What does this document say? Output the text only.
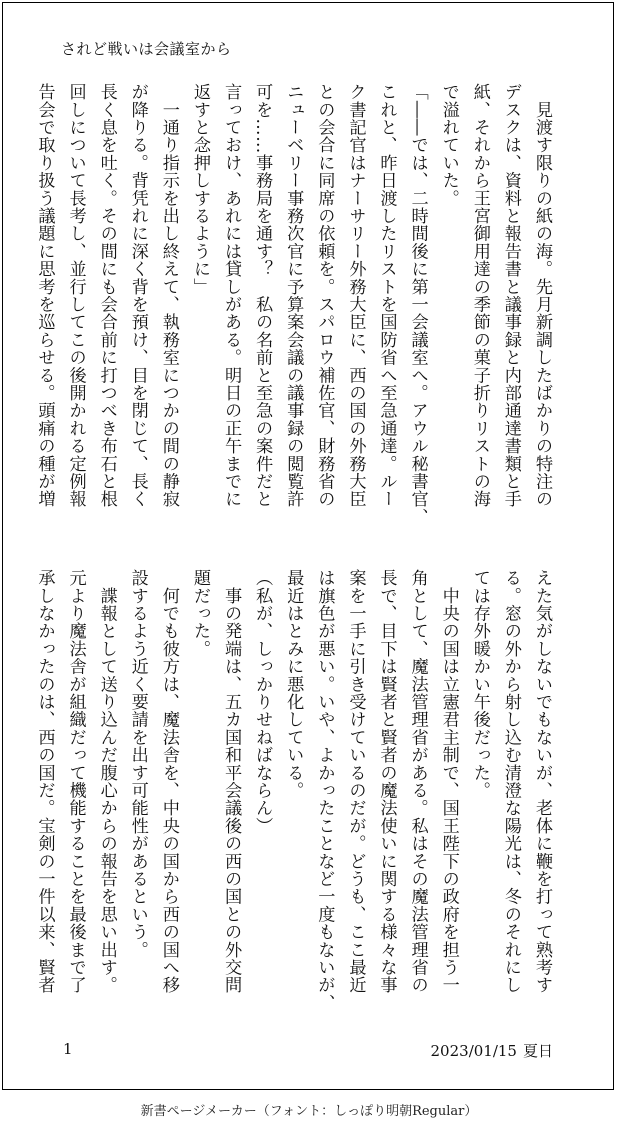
されど戦いは会議室から
　見渡す限りの紙の海。先月新調したばかりの特注の
デスクは、資料と報告書と議事録と内部通達書類と手
紙、それから王宮御用達の季節の菓子折りリストの海
で溢れていた。
「――では、二時間後に第一会議室へ。アウル秘書官、
これと、昨日渡したリストを国防省へ至急通達。ルー
ク書記官はナーサリー外務大臣に、西の国の外務大臣
との会合に同席の依頼を。スパロウ補佐官、財務省の
ニューベリー事務次官に予算案会議の議事録の閲覧許
可を……事務局を通す？　私の名前と至急の案件だと
言っておけ、あれには貸しがある。明日の正午までに
返すと念押しするように」
　一通り指示を出し終えて、執務室につかの間の静寂
が降りる。背凭れに深く背を預け、目を閉じて、長く
長く息を吐く。その間にも会合前に打つべき布石と根
回しについて長考し、並行してこの後開かれる定例報
告会で取り扱う議題に思考を巡らせる。頭痛の種が増
えた気がしないでもないが、老体に鞭を打って熟考す
る。窓の外から射し込む清澄な陽光は、冬のそれにし
ては存外暖かい午後だった。
　中央の国は立憲君主制で、国王陛下の政府を担う一
角として、魔法管理省がある。私はその魔法管理省の
長で、目下は賢者と賢者の魔法使いに関する様々な事
案を一手に引き受けているのだが。どうも、ここ最近
は旗色が悪い。いや、よかったことなど一度もないが、
最近はとみに悪化している。
（私が、しっかりせねばならん）
　事の発端は、五カ国和平会議後の西の国との外交問
題だった。
　何でも彼方は、魔法舎を、中央の国から西の国へ移
設するよう近く要請を出す可能性があるという。
　諜報として送り込んだ腹心からの報告を思い出す。
元より魔法舎が組織だって機能することを最後まで了
承しなかったのは、西の国だ。宝剣の一件以来、賢者
1	2023/01/15 夏日
新書ページメーカー（フォント：しっぽり明朝Regular）
